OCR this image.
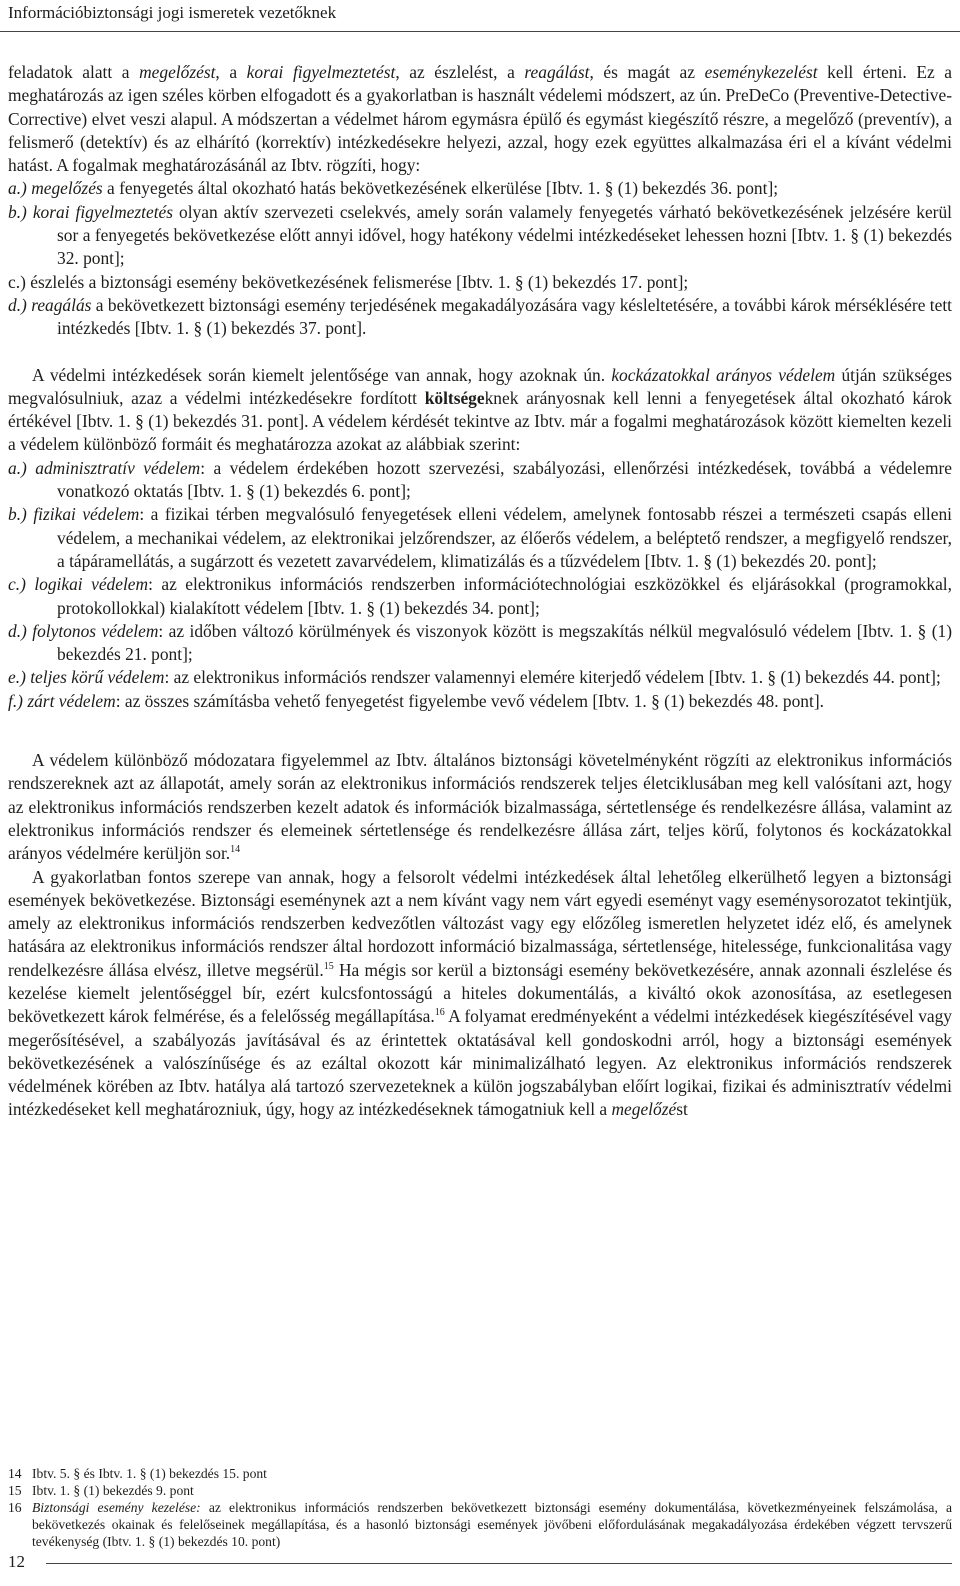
Információbiztonsági jogi ismeretek vezetőknek

feladatok alatt a megelőzést, a korai figyelmeztetést, az észlelést, a reagálást, és magát az eseménykezelést kell érteni. Ez a meghatározás az igen széles körben elfogadott és a gyakorlatban is használt védelemi módszert, az ún. PreDeCo (Preventive-Detective-Corrective) elvet veszi alapul. A módszertan a védelmet három egymásra épülő és egymást kiegészítő részre, a megelőző (preventív), a felismerő (detektív) és az elhárító (korrektív) intézkedésekre helyezi, azzal, hogy ezek együttes alkalmazása éri el a kívánt védelmi hatást. A fogalmak meghatározásánál az Ibtv. rögzíti, hogy:

a.) megelőzés a fenyegetés által okozható hatás bekövetkezésének elkerülése [Ibtv. 1. § (1) bekezdés 36. pont];

b.) korai figyelmeztetés olyan aktív szervezeti cselekvés, amely során valamely fenyegetés várható bekövetkezésének jelzésére kerül sor a fenyegetés bekövetkezése előtt annyi idővel, hogy hatékony védelmi intézkedéseket lehessen hozni [Ibtv. 1. § (1) bekezdés 32. pont];

c.) észlelés a biztonsági esemény bekövetkezésének felismerése [Ibtv. 1. § (1) bekezdés 17. pont];

d.) reagálás a bekövetkezett biztonsági esemény terjedésének megakadályozására vagy késleltetésére, a további károk mérséklésére tett intézkedés [Ibtv. 1. § (1) bekezdés 37. pont].

A védelmi intézkedések során kiemelt jelentősége van annak, hogy azoknak ún. kockázatokkal arányos védelem útján szükséges megvalósulniuk, azaz a védelmi intézkedésekre fordított költségeknek arányosnak kell lenni a fenyegetések által okozható károk értékével [Ibtv. 1. § (1) bekezdés 31. pont]. A védelem kérdését tekintve az Ibtv. már a fogalmi meghatározások között kiemelten kezeli a védelem különböző formáit és meghatározza azokat az alábbiak szerint:

a.) adminisztratív védelem: a védelem érdekében hozott szervezési, szabályozási, ellenőrzési intézkedések, továbbá a védelemre vonatkozó oktatás [Ibtv. 1. § (1) bekezdés 6. pont];

b.) fizikai védelem: a fizikai térben megvalósuló fenyegetések elleni védelem, amelynek fontosabb részei a természeti csapás elleni védelem, a mechanikai védelem, az elektronikai jelzőrendszer, az élőerős védelem, a beléptető rendszer, a megfigyelő rendszer, a tápáramellátás, a sugárzott és vezetett zavarvédelem, klimatizálás és a tűzvédelem [Ibtv. 1. § (1) bekezdés 20. pont];

c.) logikai védelem: az elektronikus információs rendszerben információtechnológiai eszközökkel és eljárásokkal (programokkal, protokollokkal) kialakított védelem [Ibtv. 1. § (1) bekezdés 34. pont];

d.) folytonos védelem: az időben változó körülmények és viszonyok között is megszakítás nélkül megvalósuló védelem [Ibtv. 1. § (1) bekezdés 21. pont];

e.) teljes körű védelem: az elektronikus információs rendszer valamennyi elemére kiterjedő védelem [Ibtv. 1. § (1) bekezdés 44. pont];

f.) zárt védelem: az összes számításba vehető fenyegetést figyelembe vevő védelem [Ibtv. 1. § (1) bekezdés 48. pont].

A védelem különböző módozatara figyelemmel az Ibtv. általános biztonsági követelményként rögzíti az elektronikus információs rendszereknek azt az állapotát, amely során az elektronikus információs rendszerek teljes életciklusában meg kell valósítani azt, hogy az elektronikus információs rendszerben kezelt adatok és információk bizalmassága, sértetlensége és rendelkezésre állása, valamint az elektronikus információs rendszer és elemeinek sértetlensége és rendelkezésre állása zárt, teljes körű, folytonos és kockázatokkal arányos védelmére kerüljön sor.$^{14}$

A gyakorlatban fontos szerepe van annak, hogy a felsorolt védelmi intézkedések által lehetőleg elkerülhető legyen a biztonsági események bekövetkezése. Biztonsági eseménynek azt a nem kívánt vagy nem várt egyedi eseményt vagy eseménysorozatot tekintjük, amely az elektronikus információs rendszerben kedvezőtlen változást vagy egy előzőleg ismeretlen helyzetet idéz elő, és amelynek hatására az elektronikus információs rendszer által hordozott információ bizalmassága, sértetlensége, hitelessége, funkcionalitása vagy rendelkezésre állása elvész, illetve megsérül.$^{15}$ Ha mégis sor kerül a biztonsági esemény bekövetkezésére, annak azonnali észlelése és kezelése kiemelt jelentőséggel bír, ezért kulcsfontosságú a hiteles dokumentálás, a kiváltó okok azonosítása, az esetlegesen bekövetkezett károk felmérése, és a felelősség megállapítása.$^{16}$ A folyamat eredményeként a védelmi intézkedések kiegészítésével vagy megerősítésével, a szabályozás javításával és az érintettek oktatásával kell gondoskodni arról, hogy a biztonsági események bekövetkezésének a valószínűsége és az ezáltal okozott kár minimalizálható legyen. Az elektronikus információs rendszerek védelmének körében az Ibtv. hatálya alá tartozó szervezeteknek a külön jogszabályban előírt logikai, fizikai és adminisztratív védelmi intézkedéseket kell meghatározniuk, úgy, hogy az intézkedéseknek támogatniuk kell a megelőzést

14 Ibtv. 5. § és Ibtv. 1. § (1) bekezdés 15. pont

15 Ibtv. 1. § (1) bekezdés 9. pont

16 Biztonsági esemény kezelése: az elektronikus információs rendszerben bekövetkezett biztonsági esemény dokumentálása, következményeinek felszámolása, a bekövetkezés okainak és felelőseinek megállapítása, és a hasonló biztonsági események jövőbeni előfordulásának megakadályozása érdekében végzett tervszerű tevékenység (Ibtv. 1. § (1) bekezdés 10. pont)

12
